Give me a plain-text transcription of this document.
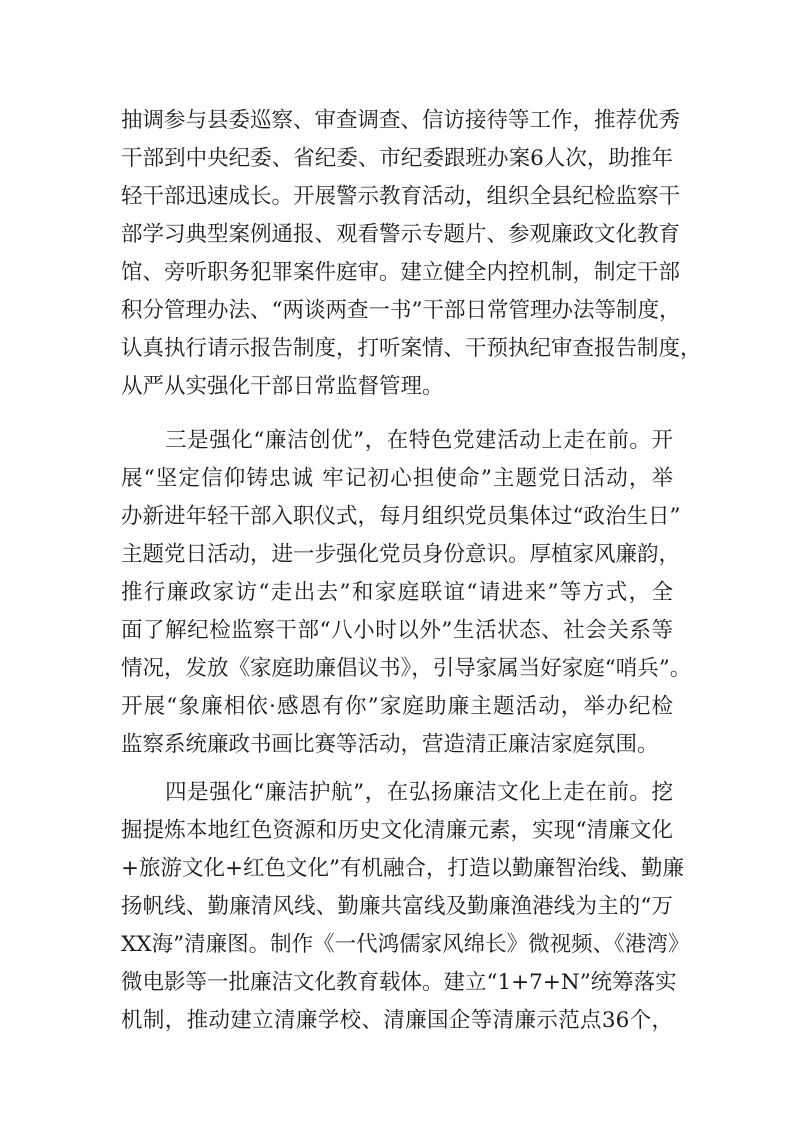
抽调参与县委巡察、审查调查、信访接待等工作，推荐优秀
干部到中央纪委、省纪委、市纪委跟班办案6人次，助推年
轻干部迅速成长。开展警示教育活动，组织全县纪检监察干
部学习典型案例通报、观看警示专题片、参观廉政文化教育
馆、旁听职务犯罪案件庭审。建立健全内控机制，制定干部
积分管理办法、“两谈两查一书”干部日常管理办法等制度，
认真执行请示报告制度，打听案情、干预执纪审查报告制度，
从严从实强化干部日常监督管理。
　　三是强化“廉洁创优”，在特色党建活动上走在前。开
展“坚定信仰铸忠诚 牢记初心担使命”主题党日活动，举
办新进年轻干部入职仪式，每月组织党员集体过“政治生日”
主题党日活动，进一步强化党员身份意识。厚植家风廉韵，
推行廉政家访“走出去”和家庭联谊“请进来”等方式，全
面了解纪检监察干部“八小时以外”生活状态、社会关系等
情况，发放《家庭助廉倡议书》，引导家属当好家庭“哨兵”。
开展“象廉相依·感恩有你”家庭助廉主题活动，举办纪检
监察系统廉政书画比赛等活动，营造清正廉洁家庭氛围。
　　四是强化“廉洁护航”，在弘扬廉洁文化上走在前。挖
掘提炼本地红色资源和历史文化清廉元素，实现“清廉文化
+旅游文化+红色文化”有机融合，打造以勤廉智治线、勤廉
扬帆线、勤廉清风线、勤廉共富线及勤廉渔港线为主的“万
XX海”清廉图。制作《一代鸿儒家风绵长》微视频、《港湾》
微电影等一批廉洁文化教育载体。建立“1+7+N”统筹落实
机制，推动建立清廉学校、清廉国企等清廉示范点36个，
